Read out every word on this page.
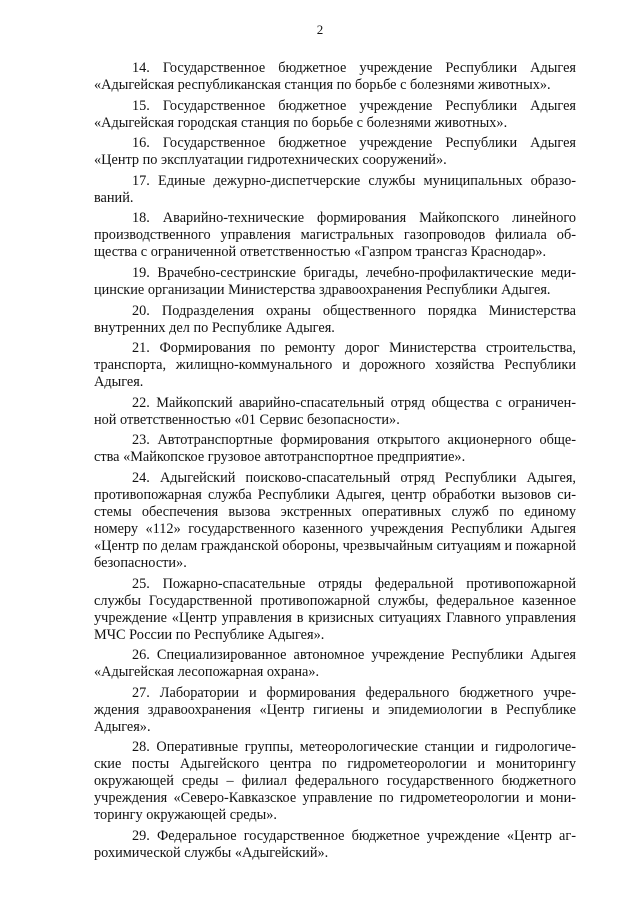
2

14. Государственное бюджетное учреждение Республики Адыгея «Адыгейская республиканская станция по борьбе с болезнями животных».

15. Государственное бюджетное учреждение Республики Адыгея «Адыгейская городская станция по борьбе с болезнями животных».

16. Государственное бюджетное учреждение Республики Адыгея «Центр по эксплуатации гидротехнических сооружений».

17. Единые дежурно-диспетчерские службы муниципальных образований.

18. Аварийно-технические формирования Майкопского линейного производственного управления магистральных газопроводов филиала общества с ограниченной ответственностью «Газпром трансгаз Краснодар».

19. Врачебно-сестринские бригады, лечебно-профилактические медицинские организации Министерства здравоохранения Республики Адыгея.

20. Подразделения охраны общественного порядка Министерства внутренних дел по Республике Адыгея.

21. Формирования по ремонту дорог Министерства строительства, транспорта, жилищно-коммунального и дорожного хозяйства Республики Адыгея.

22. Майкопский аварийно-спасательный отряд общества с ограниченной ответственностью «01 Сервис безопасности».

23. Автотранспортные формирования открытого акционерного общества «Майкопское грузовое автотранспортное предприятие».

24. Адыгейский поисково-спасательный отряд Республики Адыгея, противопожарная служба Республики Адыгея, центр обработки вызовов системы обеспечения вызова экстренных оперативных служб по единому номеру «112» государственного казенного учреждения Республики Адыгея «Центр по делам гражданской обороны, чрезвычайным ситуациям и пожарной безопасности».

25. Пожарно-спасательные отряды федеральной противопожарной службы Государственной противопожарной службы, федеральное казенное учреждение «Центр управления в кризисных ситуациях Главного управления МЧС России по Республике Адыгея».

26. Специализированное автономное учреждение Республики Адыгея «Адыгейская лесопожарная охрана».

27. Лаборатории и формирования федерального бюджетного учреждения здравоохранения «Центр гигиены и эпидемиологии в Республике Адыгея».

28. Оперативные группы, метеорологические станции и гидрологические посты Адыгейского центра по гидрометеорологии и мониторингу окружающей среды – филиал федерального государственного бюджетного учреждения «Северо-Кавказское управление по гидрометеорологии и мониторингу окружающей среды».

29. Федеральное государственное бюджетное учреждение «Центр агрохимической службы «Адыгейский».
